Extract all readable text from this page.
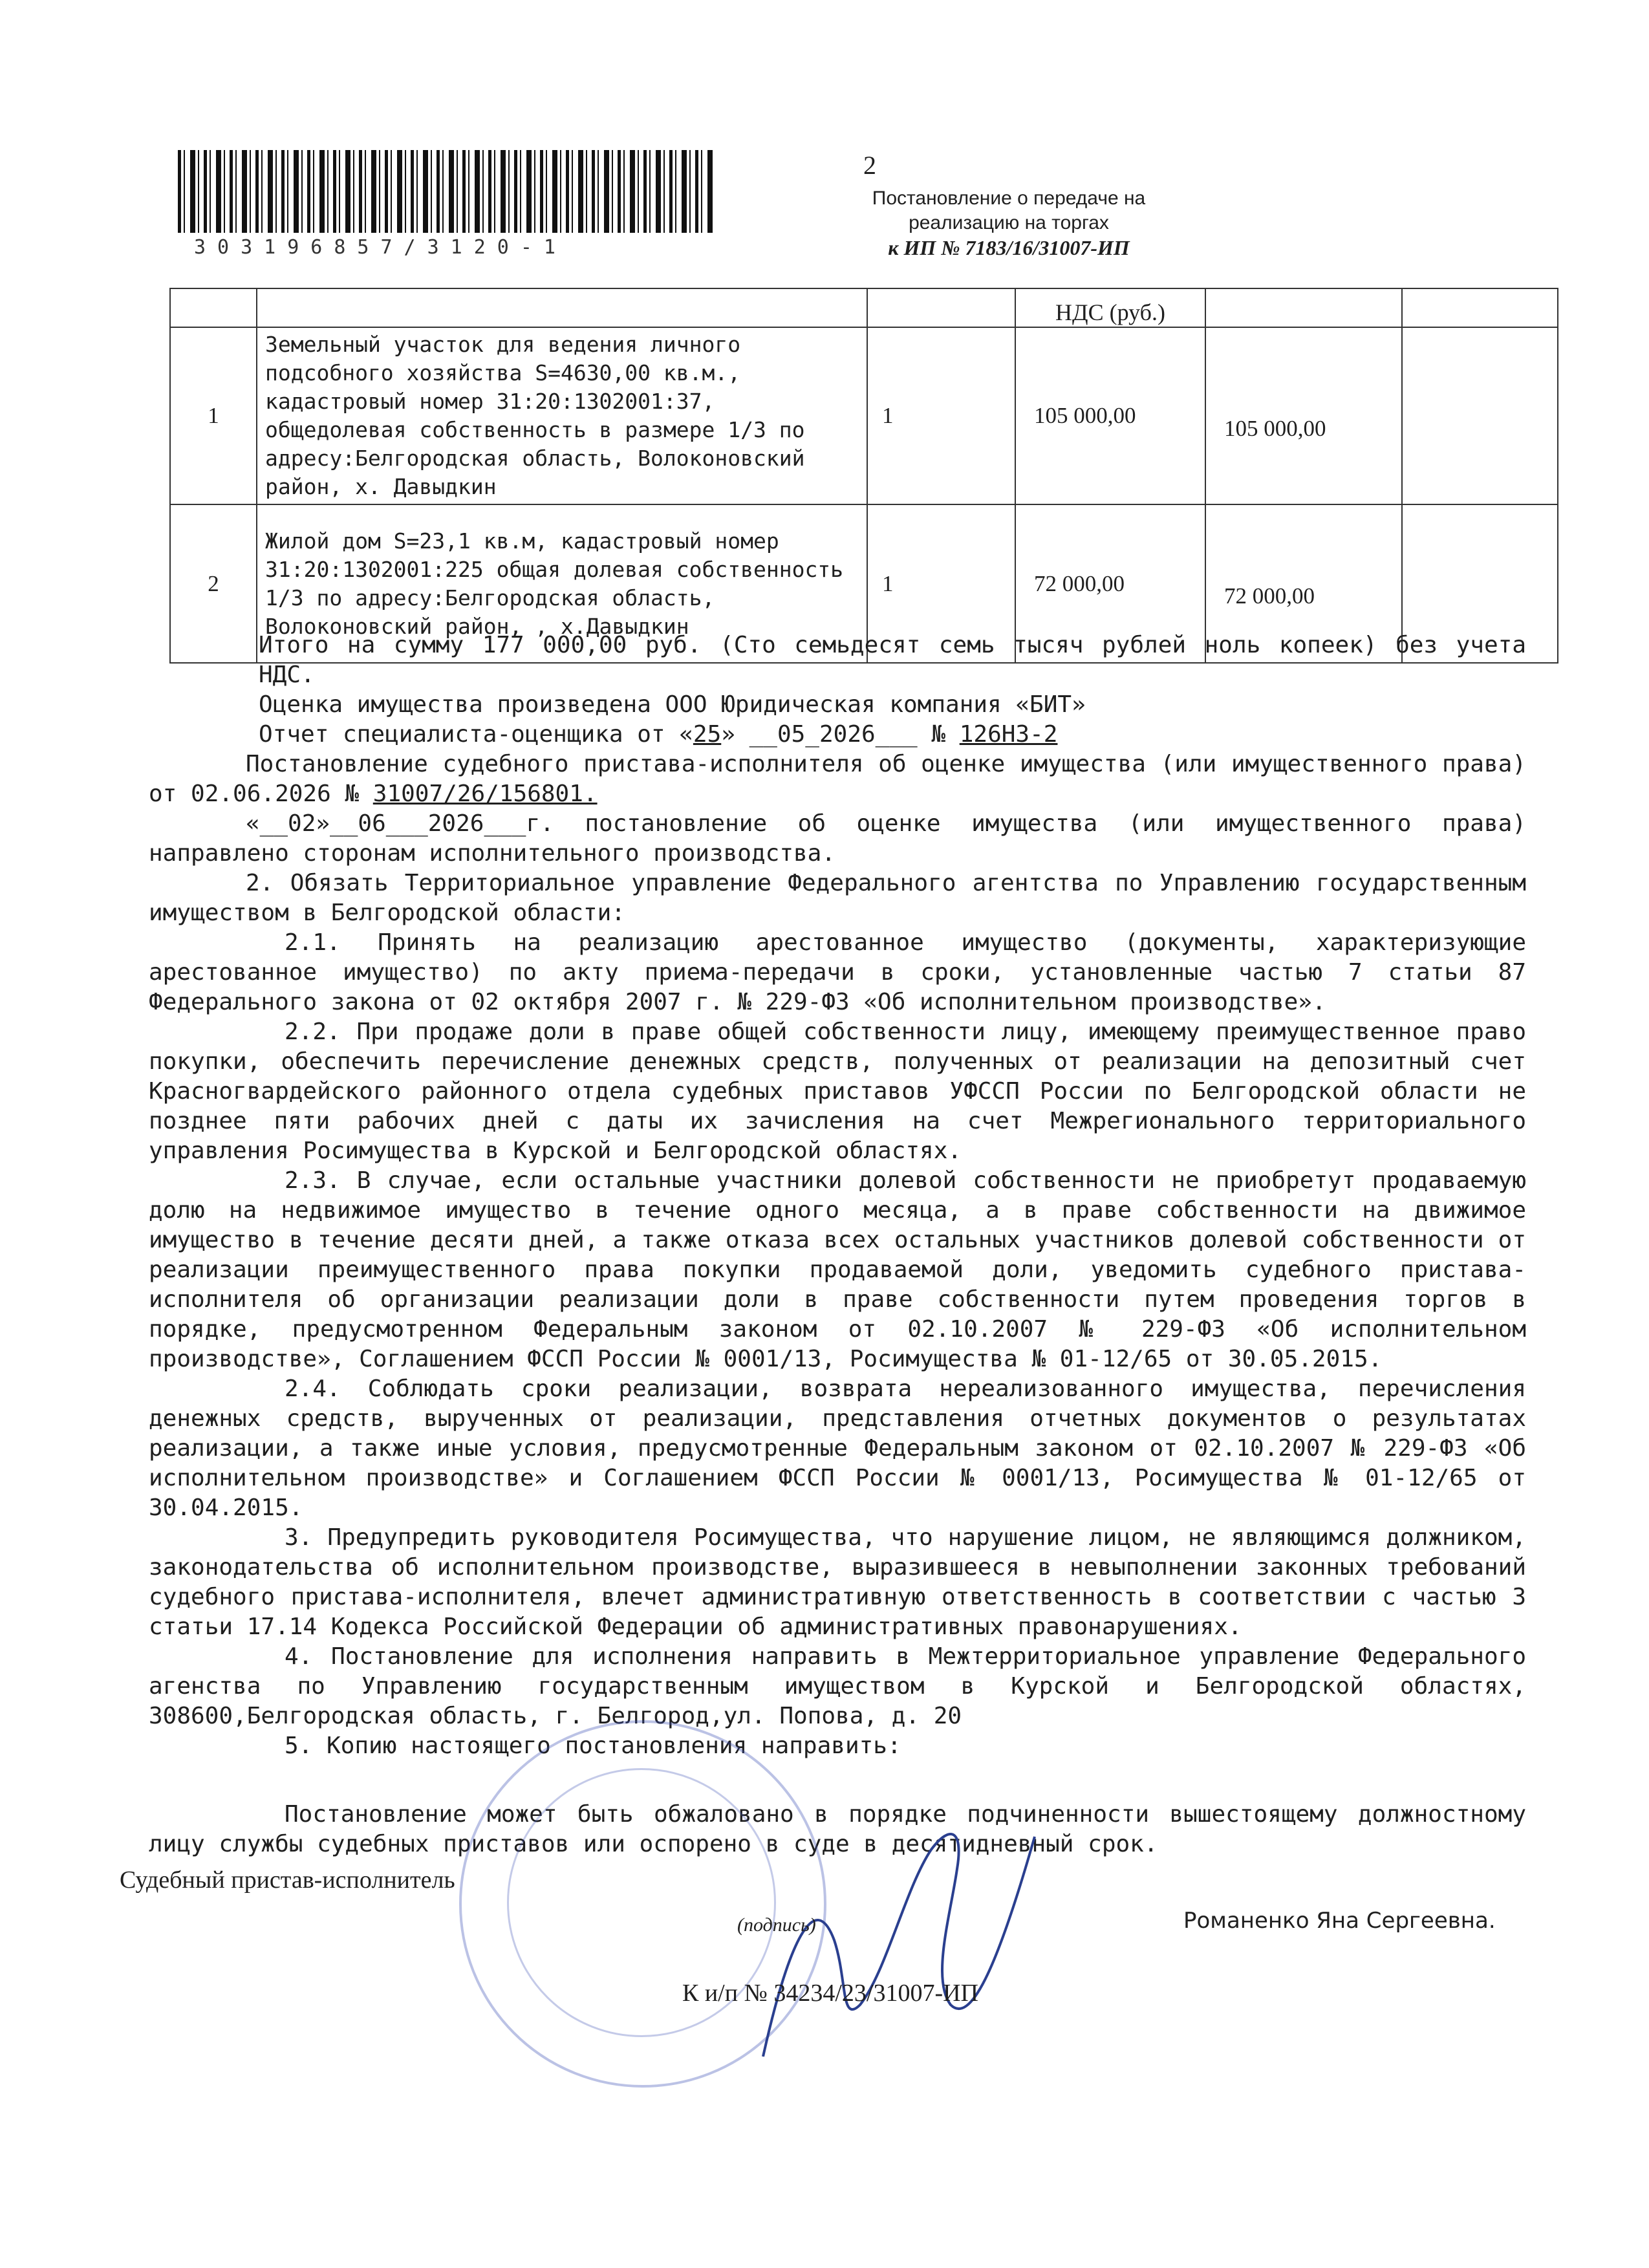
303196857/3120-1
2
Постановление о передаче на
реализацию на торгах
к ИП № 7183/16/31007-ИП
			НДС (руб.)		
1	Земельный участок для ведения личного подсобного хозяйства S=4630,00 кв.м., кадастровый номер 31:20:1302001:37, общедолевая собственность в размере 1/3 по адресу:Белгородская область, Волоконовский район, х. Давыдкин	1	105 000,00	105 000,00	
2	Жилой дом S=23,1 кв.м, кадастровый номер 31:20:1302001:225 общая долевая собственность 1/3 по адресу:Белгородская область, Волоконовский район, , х.Давыдкин	1	72 000,00	72 000,00	

Итого на сумму 177 000,00 руб. (Сто семьдесят семь тысяч рублей ноль копеек) без учета НДС.

Оценка имущества произведена ООО Юридическая компания «БИТ»

Отчет специалиста-оценщика от «25» __05_2026___ № 126НЗ-2

Постановление судебного пристава-исполнителя об оценке имущества (или имущественного права) от 02.06.2026 № 31007/26/156801.

«__02»__06___2026___г. постановление об оценке имущества (или имущественного права) направлено сторонам исполнительного производства.

2. Обязать Территориальное управление Федерального агентства по Управлению государственным имуществом в Белгородской области:

2.1. Принять на реализацию арестованное имущество (документы, характеризующие арестованное имущество) по акту приема-передачи в сроки, установленные частью 7 статьи 87 Федерального закона от 02 октября 2007 г. № 229-ФЗ «Об исполнительном производстве».

2.2. При продаже доли в праве общей собственности лицу, имеющему преимущественное право покупки, обеспечить перечисление денежных средств, полученных от реализации на депозитный счет Красногвардейского районного отдела судебных приставов УФССП России по Белгородской области не позднее пяти рабочих дней с даты их зачисления на счет Межрегионального территориального управления Росимущества в Курской и Белгородской областях.

2.3. В случае, если остальные участники долевой собственности не приобретут продаваемую долю на недвижимое имущество в течение одного месяца, а в праве собственности на движимое имущество в течение десяти дней, а также отказа всех остальных участников долевой собственности от реализации преимущественного права покупки продаваемой доли, уведомить судебного пристава-исполнителя об организации реализации доли в праве собственности путем проведения торгов в порядке, предусмотренном Федеральным законом от 02.10.2007 № 229-ФЗ «Об исполнительном производстве», Соглашением ФССП России № 0001/13, Росимущества № 01-12/65 от 30.05.2015.

2.4. Соблюдать сроки реализации, возврата нереализованного имущества, перечисления денежных средств, вырученных от реализации, представления отчетных документов о результатах реализации, а также иные условия, предусмотренные Федеральным законом от 02.10.2007 № 229-ФЗ «Об исполнительном производстве» и Соглашением ФССП России № 0001/13, Росимущества № 01-12/65 от 30.04.2015.

3. Предупредить руководителя Росимущества, что нарушение лицом, не являющимся должником, законодательства об исполнительном производстве, выразившееся в невыполнении законных требований судебного пристава-исполнителя, влечет административную ответственность в соответствии с частью 3 статьи 17.14 Кодекса Российской Федерации об административных правонарушениях.

4. Постановление для исполнения направить в Межтерриториальное управление Федерального агенства по Управлению государственным имуществом в Курской и Белгородской областях, 308600,Белгородская область, г. Белгород,ул. Попова, д. 20

5. Копию настоящего постановления направить:

Постановление может быть обжаловано в порядке подчиненности вышестоящему должностному лицу службы судебных приставов или оспорено в суде в десятидневный срок.

Судебный пристав-исполнитель
(подпись)	Романенко Яна Сергеевна.
К и/п № 34234/23/31007-ИП
